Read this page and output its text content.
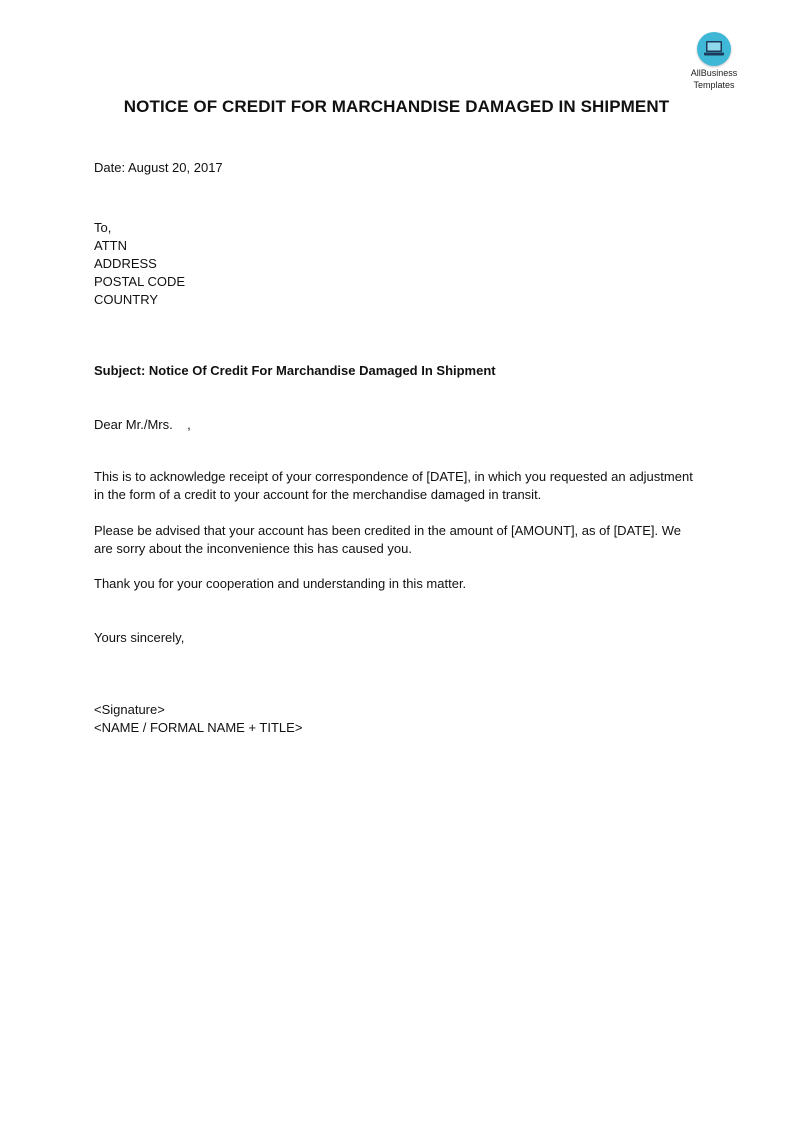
AllBusiness
Templates
NOTICE OF CREDIT FOR MARCHANDISE DAMAGED IN SHIPMENT
Date: August 20, 2017
To,
ATTN
ADDRESS
POSTAL CODE
COUNTRY
Subject: Notice Of Credit For Marchandise Damaged In Shipment
Dear Mr./Mrs.    ,
This is to acknowledge receipt of your correspondence of [DATE], in which you requested an adjustment in the form of a credit to your account for the merchandise damaged in transit.
Please be advised that your account has been credited in the amount of [AMOUNT], as of [DATE]. We are sorry about the inconvenience this has caused you.
Thank you for your cooperation and understanding in this matter.
Yours sincerely,
<Signature>
<NAME / FORMAL NAME + TITLE>
